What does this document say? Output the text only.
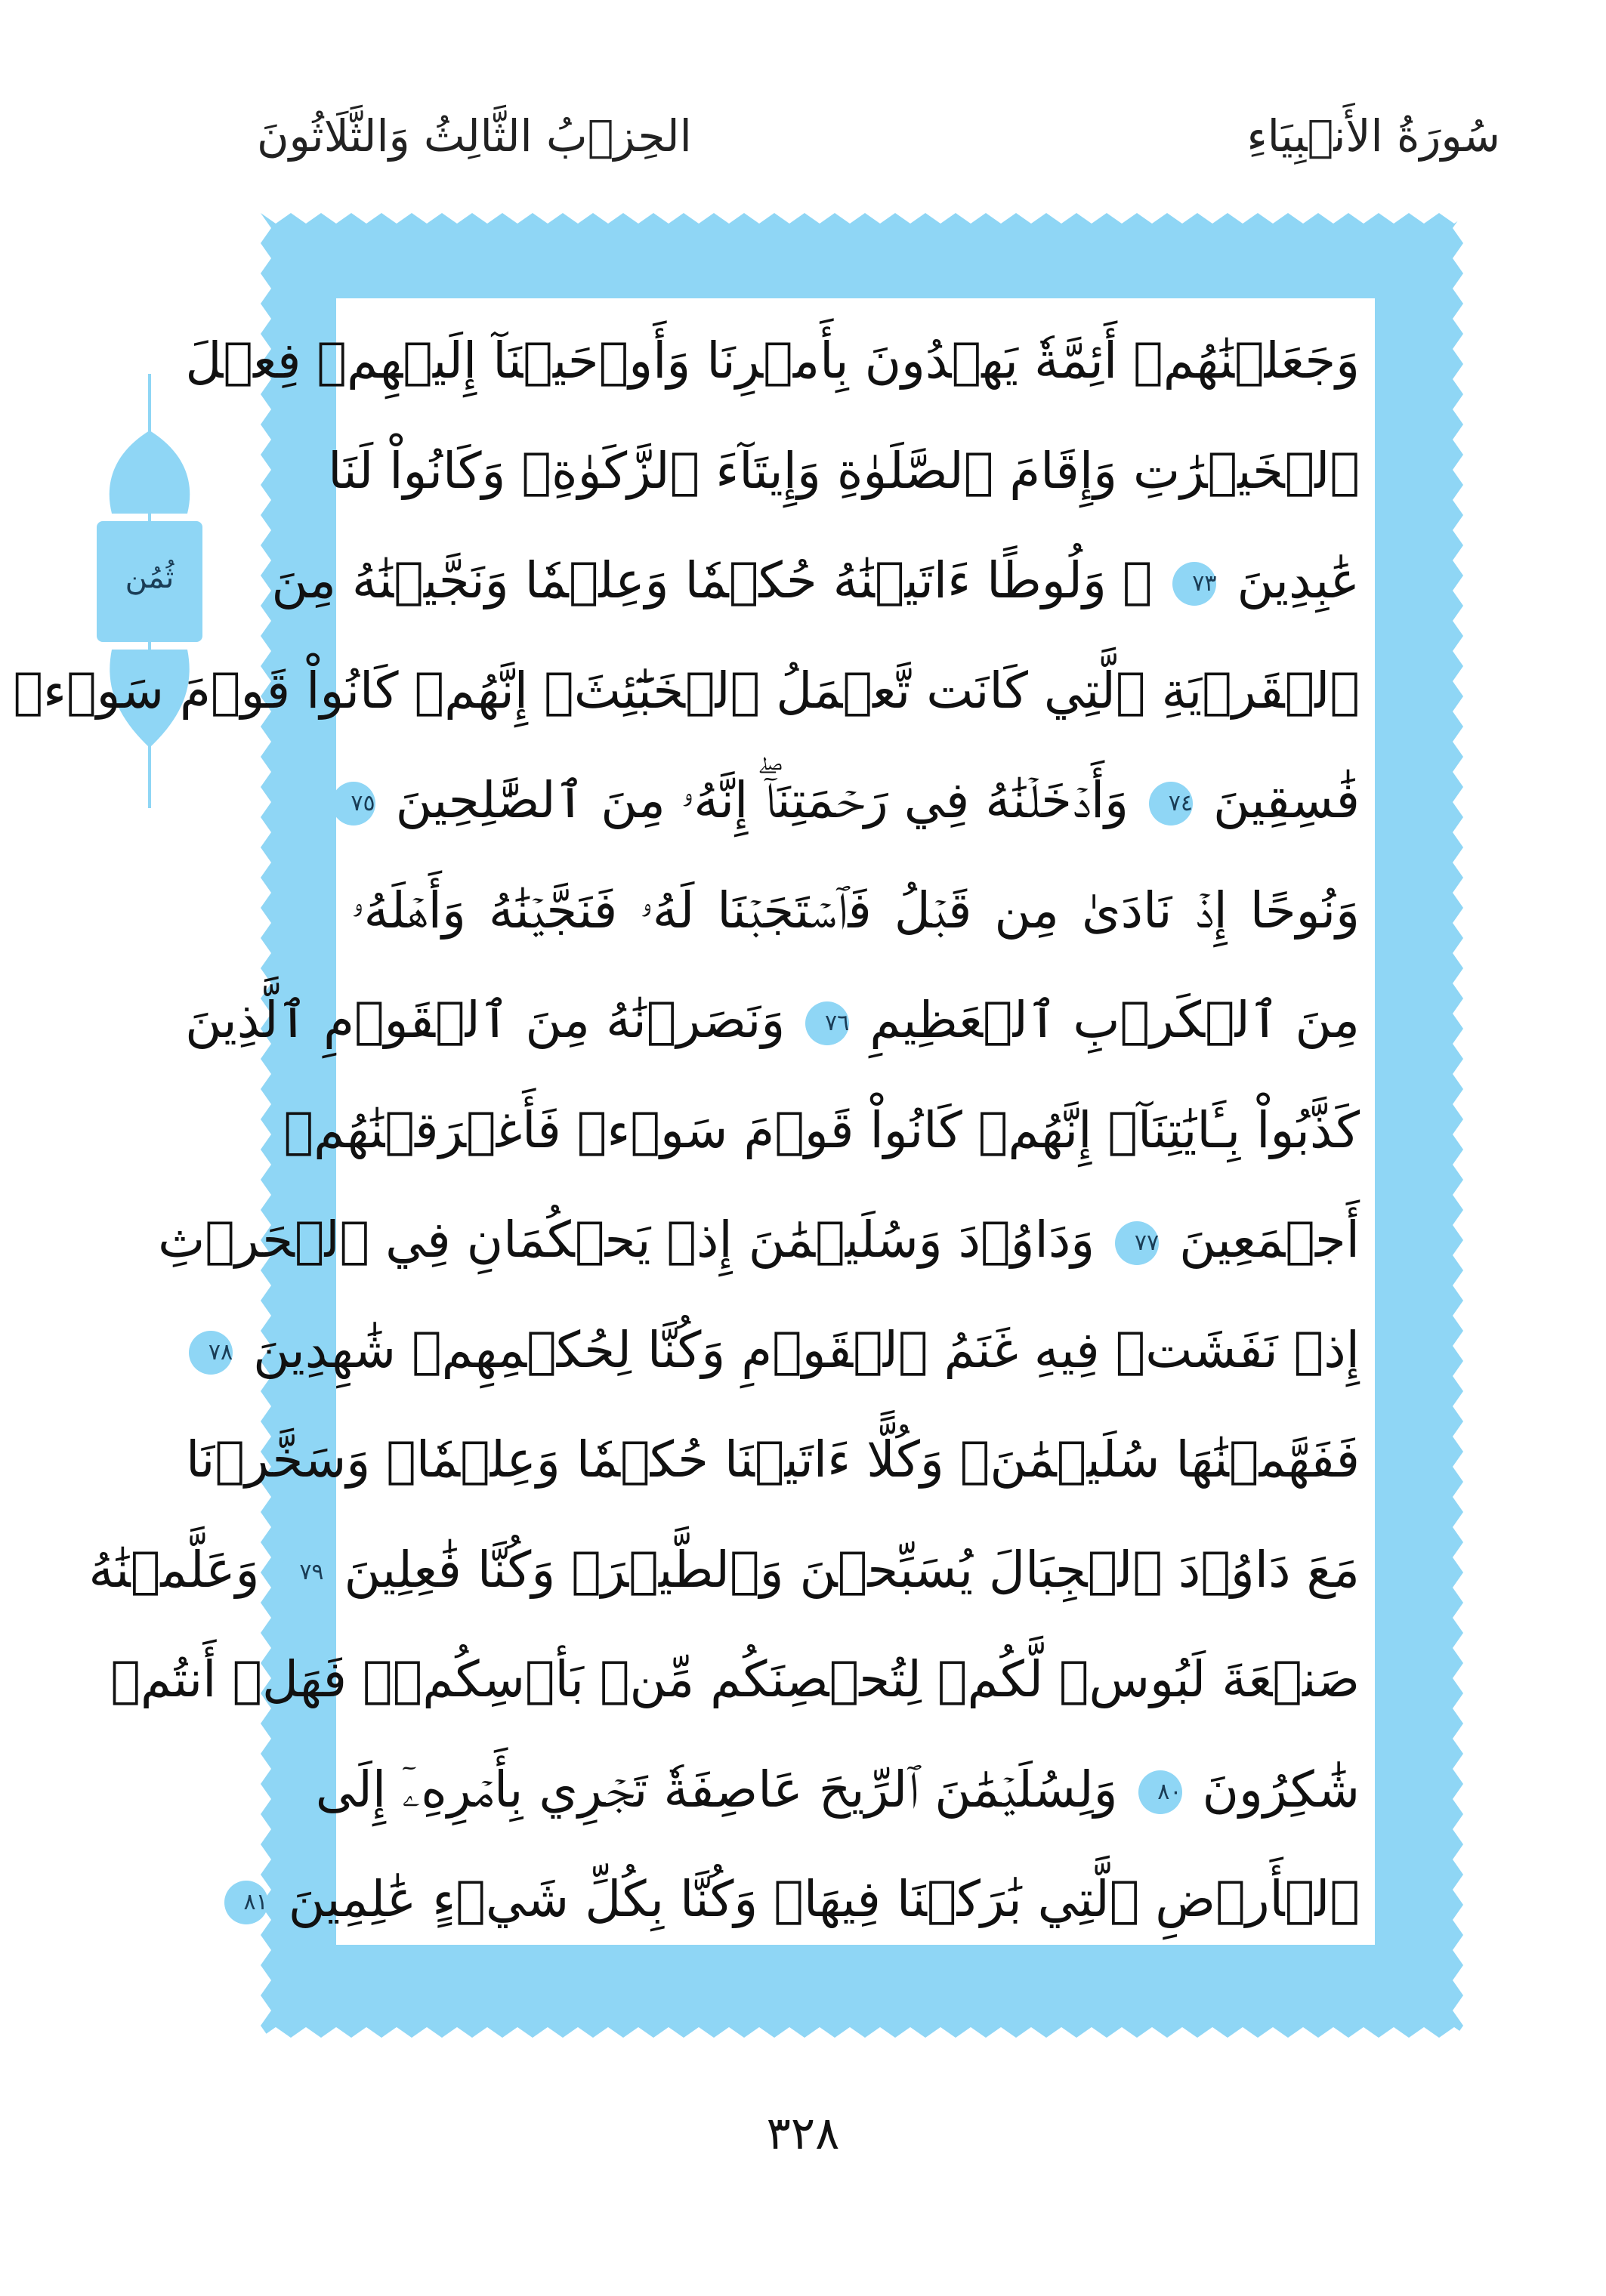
سُورَةُ الأَنۡبِيَاءِ
الحِزۡبُ الثَّالِثُ وَالثَّلَاثُونَ
ثُمُن
وَجَعَلۡنَٰهُمۡ أَئِمَّةٗ يَهۡدُونَ بِأَمۡرِنَا وَأَوۡحَيۡنَآ إِلَيۡهِمۡ فِعۡلَ
ٱلۡخَيۡرَٰتِ وَإِقَامَ ٱلصَّلَوٰةِ وَإِيتَآءَ ٱلزَّكَوٰةِۖ وَكَانُواْ لَنَا
عَٰبِدِينَ ٧٣ ۞ وَلُوطًا ءَاتَيۡنَٰهُ حُكۡمٗا وَعِلۡمٗا وَنَجَّيۡنَٰهُ مِنَ
ٱلۡقَرۡيَةِ ٱلَّتِي كَانَت تَّعۡمَلُ ٱلۡخَبَٰٓئِثَۚ إِنَّهُمۡ كَانُواْ قَوۡمَ سَوۡءٖ
فَٰسِقِينَ ٧٤ وَأَدۡخَلۡنَٰهُ فِي رَحۡمَتِنَآۖ إِنَّهُۥ مِنَ ٱلصَّٰلِحِينَ ٧٥
وَنُوحًا إِذۡ نَادَىٰ مِن قَبۡلُ فَٱسۡتَجَبۡنَا لَهُۥ فَنَجَّيۡنَٰهُ وَأَهۡلَهُۥ
مِنَ ٱلۡكَرۡبِ ٱلۡعَظِيمِ ٧٦ وَنَصَرۡنَٰهُ مِنَ ٱلۡقَوۡمِ ٱلَّذِينَ
كَذَّبُواْ بِـَٔايَٰتِنَآۚ إِنَّهُمۡ كَانُواْ قَوۡمَ سَوۡءٖ فَأَغۡرَقۡنَٰهُمۡ
أَجۡمَعِينَ ٧٧ وَدَاوُۥدَ وَسُلَيۡمَٰنَ إِذۡ يَحۡكُمَانِ فِي ٱلۡحَرۡثِ
إِذۡ نَفَشَتۡ فِيهِ غَنَمُ ٱلۡقَوۡمِ وَكُنَّا لِحُكۡمِهِمۡ شَٰهِدِينَ ٧٨
فَفَهَّمۡنَٰهَا سُلَيۡمَٰنَۚ وَكُلًّا ءَاتَيۡنَا حُكۡمٗا وَعِلۡمٗاۚ وَسَخَّرۡنَا
مَعَ دَاوُۥدَ ٱلۡجِبَالَ يُسَبِّحۡنَ وَٱلطَّيۡرَۚ وَكُنَّا فَٰعِلِينَ ٧٩ وَعَلَّمۡنَٰهُ
صَنۡعَةَ لَبُوسٖ لَّكُمۡ لِتُحۡصِنَكُم مِّنۢ بَأۡسِكُمۡۖ فَهَلۡ أَنتُمۡ
شَٰكِرُونَ ٨٠ وَلِسُلَيۡمَٰنَ ٱلرِّيحَ عَاصِفَةٗ تَجۡرِي بِأَمۡرِهِۦٓ إِلَى
ٱلۡأَرۡضِ ٱلَّتِي بَٰرَكۡنَا فِيهَاۚ وَكُنَّا بِكُلِّ شَيۡءٍ عَٰلِمِينَ ٨١
٣٢٨
